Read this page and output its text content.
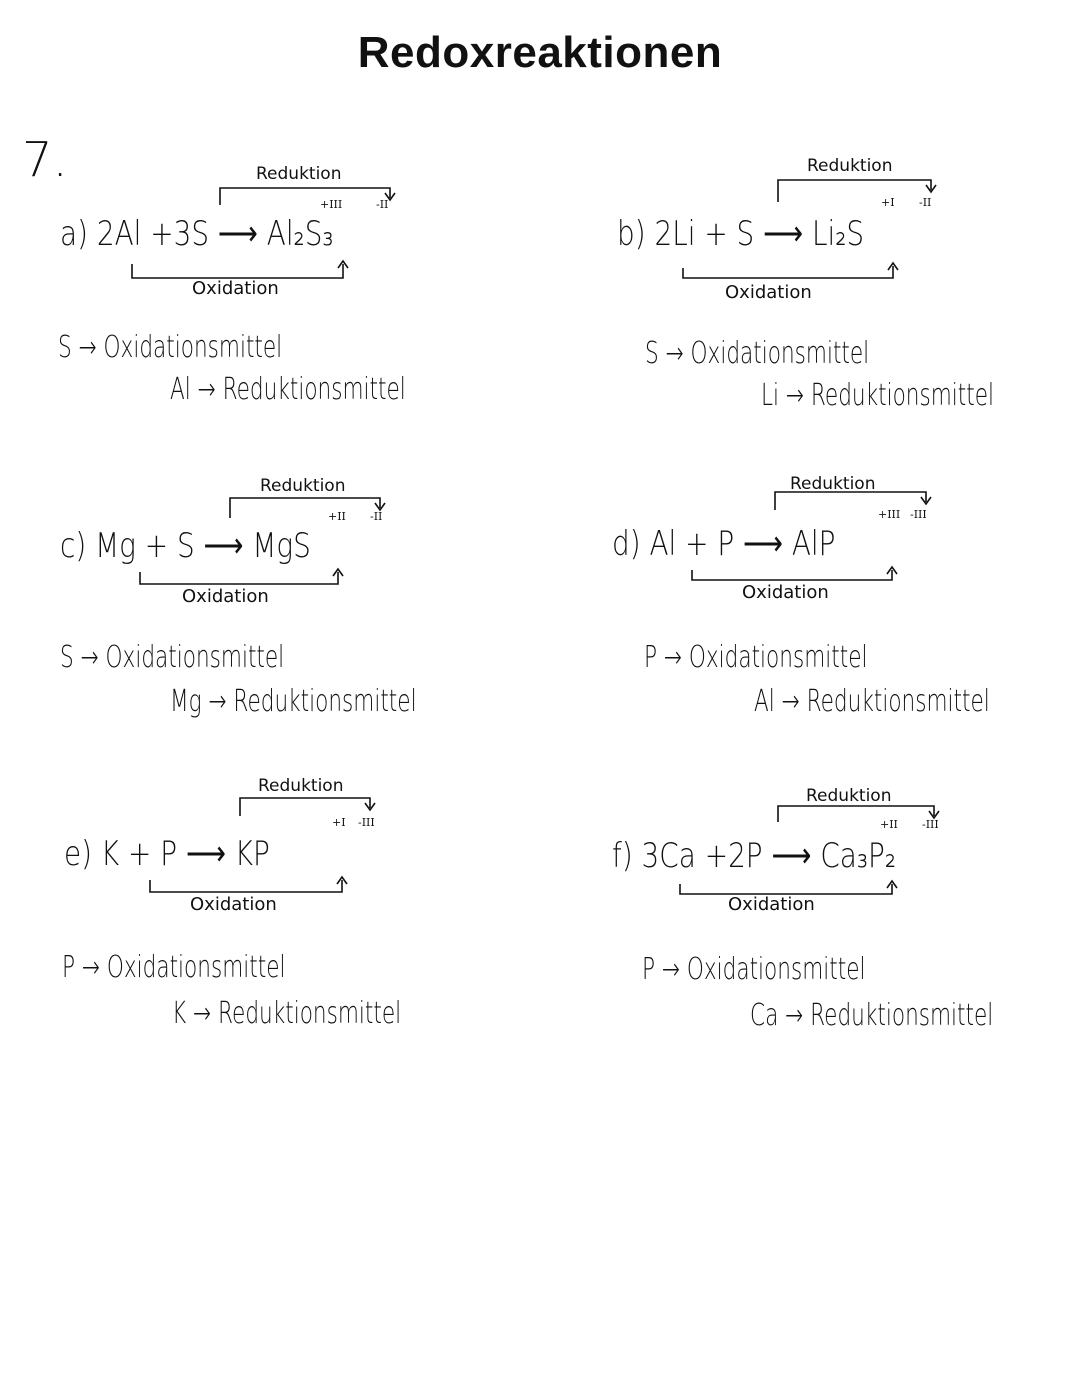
Redoxreaktionen
7.	Reduktion
+III	-II
a) 2Al +3S ⟶ Al₂S₃
Oxidation
S → Oxidationsmittel
Al → Reduktionsmittel
Reduktion
+I -II
b) 2Li + S ⟶ Li₂S
Oxidation
S → Oxidationsmittel
Li → Reduktionsmittel
Reduktion
+II -II
c) Mg + S ⟶ MgS
Oxidation
S → Oxidationsmittel
Mg → Reduktionsmittel
Reduktion
+III -III
d) Al + P ⟶ AlP
Oxidation
P → Oxidationsmittel
Al → Reduktionsmittel
Reduktion
+I -III
e) K + P ⟶ KP
Oxidation
P → Oxidationsmittel
K → Reduktionsmittel
Reduktion
+II -III
f) 3Ca +2P ⟶ Ca₃P₂
Oxidation
P → Oxidationsmittel
Ca → Reduktionsmittel
